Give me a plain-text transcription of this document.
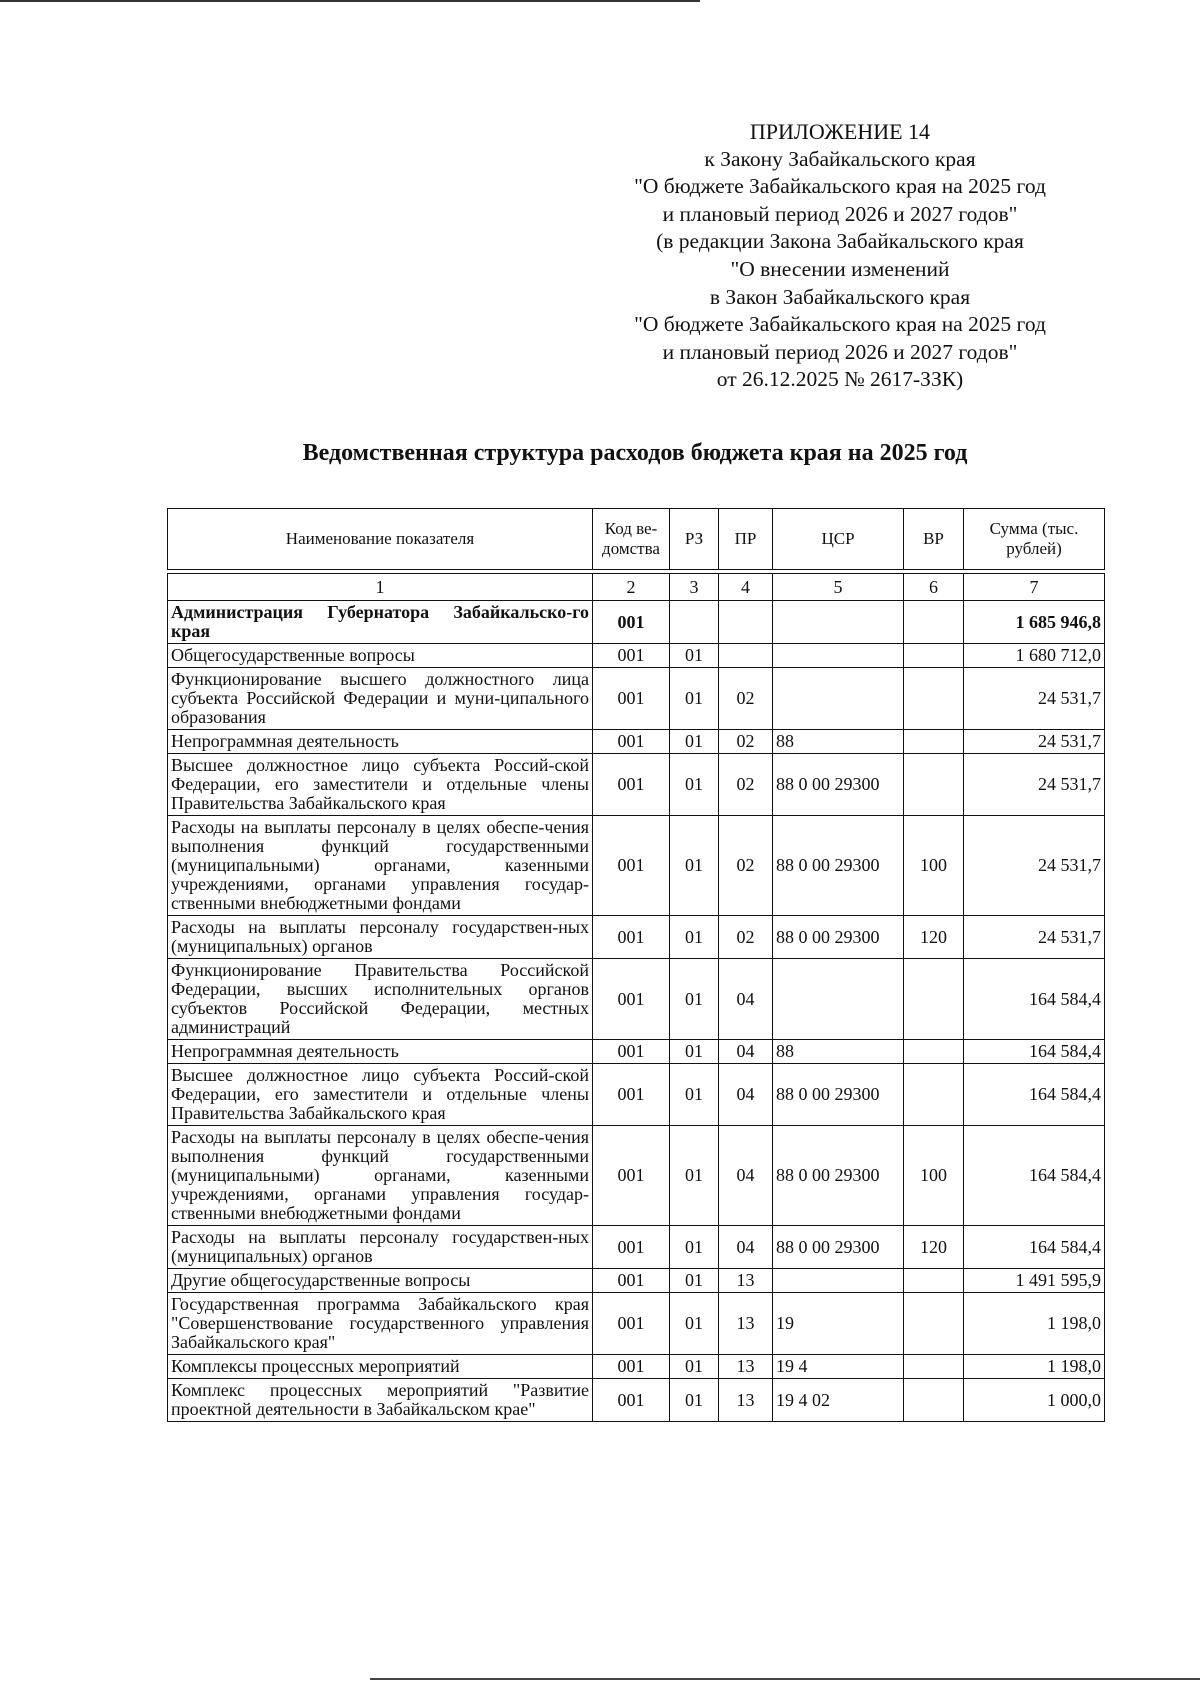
ПРИЛОЖЕНИЕ 14
к Закону Забайкальского края
"О бюджете Забайкальского края на 2025 год
и плановый период 2026 и 2027 годов"
(в редакции Закона Забайкальского края
"О внесении изменений
в Закон Забайкальского края
"О бюджете Забайкальского края на 2025 год
и плановый период 2026 и 2027 годов"
от 26.12.2025 № 2617-ЗЗК)
Ведомственная структура расходов бюджета края на 2025 год
Наименование показателя	Код ве-домства	РЗ	ПР	ЦСР	ВР	Сумма (тыс. рублей)

1	2	3	4	5	6	7
Администрация Губернатора Забайкальско-го края	001					1 685 946,8
Общегосударственные вопросы	001	01				1 680 712,0
Функционирование высшего должностного лица субъекта Российской Федерации и муни-ципального образования	001	01	02			24 531,7
Непрограммная деятельность	001	01	02	88		24 531,7
Высшее должностное лицо субъекта Россий-ской Федерации, его заместители и отдельные члены Правительства Забайкальского края	001	01	02	88 0 00 29300		24 531,7
Расходы на выплаты персоналу в целях обеспе-чения выполнения функций государственными (муниципальными) органами, казенными учреждениями, органами управления государ-ственными внебюджетными фондами	001	01	02	88 0 00 29300	100	24 531,7
Расходы на выплаты персоналу государствен-ных (муниципальных) органов	001	01	02	88 0 00 29300	120	24 531,7
Функционирование Правительства Российской Федерации, высших исполнительных органов субъектов Российской Федерации, местных администраций	001	01	04			164 584,4
Непрограммная деятельность	001	01	04	88		164 584,4
Высшее должностное лицо субъекта Россий-ской Федерации, его заместители и отдельные члены Правительства Забайкальского края	001	01	04	88 0 00 29300		164 584,4
Расходы на выплаты персоналу в целях обеспе-чения выполнения функций государственными (муниципальными) органами, казенными учреждениями, органами управления государ-ственными внебюджетными фондами	001	01	04	88 0 00 29300	100	164 584,4
Расходы на выплаты персоналу государствен-ных (муниципальных) органов	001	01	04	88 0 00 29300	120	164 584,4
Другие общегосударственные вопросы	001	01	13			1 491 595,9
Государственная программа Забайкальского края "Совершенствование государственного управления Забайкальского края"	001	01	13	19		1 198,0
Комплексы процессных мероприятий	001	01	13	19 4		1 198,0
Комплекс процессных мероприятий "Развитие проектной деятельности в Забайкальском крае"	001	01	13	19 4 02		1 000,0
